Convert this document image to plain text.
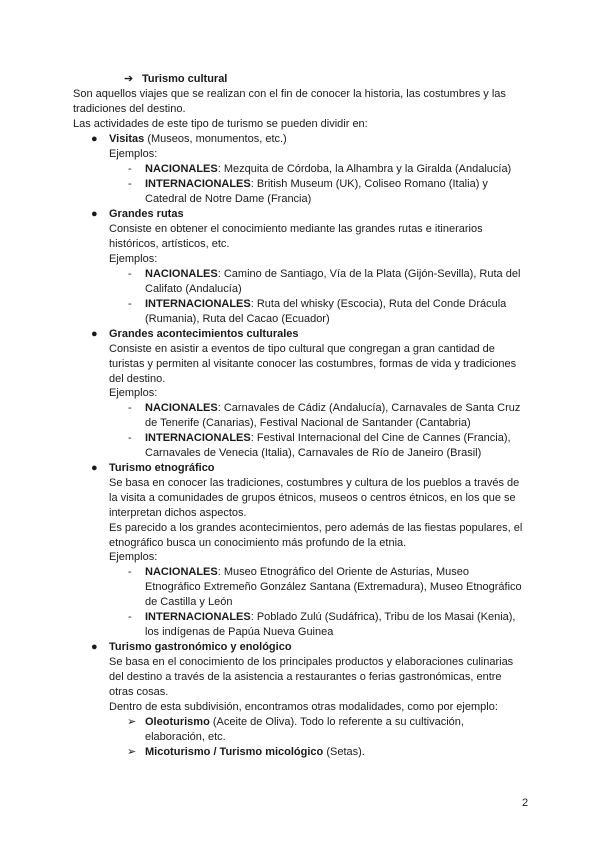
➔ Turismo cultural
Son aquellos viajes que se realizan con el fin de conocer la historia, las costumbres y las
tradiciones del destino.
Las actividades de este tipo de turismo se pueden dividir en:
● Visitas (Museos, monumentos, etc.)
Ejemplos:
- NACIONALES: Mezquita de Córdoba, la Alhambra y la Giralda (Andalucía)
- INTERNACIONALES: British Museum (UK), Coliseo Romano (Italia) y
Catedral de Notre Dame (Francia)
● Grandes rutas
Consiste en obtener el conocimiento mediante las grandes rutas e itinerarios
históricos, artísticos, etc.
Ejemplos:
- NACIONALES: Camino de Santiago, Vía de la Plata (Gijón-Sevilla), Ruta del
Califato (Andalucía)
- INTERNACIONALES: Ruta del whisky (Escocia), Ruta del Conde Drácula
(Rumania), Ruta del Cacao (Ecuador)
● Grandes acontecimientos culturales
Consiste en asistir a eventos de tipo cultural que congregan a gran cantidad de
turistas y permiten al visitante conocer las costumbres, formas de vida y tradiciones
del destino.
Ejemplos:
- NACIONALES: Carnavales de Cádiz (Andalucía), Carnavales de Santa Cruz
de Tenerife (Canarias), Festival Nacional de Santander (Cantabria)
- INTERNACIONALES: Festival Internacional del Cine de Cannes (Francia),
Carnavales de Venecia (Italia), Carnavales de Río de Janeiro (Brasil)
● Turismo etnográfico
Se basa en conocer las tradiciones, costumbres y cultura de los pueblos a través de
la visita a comunidades de grupos étnicos, museos o centros étnicos, en los que se
interpretan dichos aspectos.
Es parecido a los grandes acontecimientos, pero además de las fiestas populares, el
etnográfico busca un conocimiento más profundo de la etnia.
Ejemplos:
- NACIONALES: Museo Etnográfico del Oriente de Asturias, Museo
Etnográfico Extremeño González Santana (Extremadura), Museo Etnográfico
de Castilla y León
- INTERNACIONALES: Poblado Zulú (Sudáfrica), Tribu de los Masai (Kenia),
los indígenas de Papúa Nueva Guinea
● Turismo gastronómico y enológico
Se basa en el conocimiento de los principales productos y elaboraciones culinarias
del destino a través de la asistencia a restaurantes o ferias gastronómicas, entre
otras cosas.
Dentro de esta subdivisión, encontramos otras modalidades, como por ejemplo:
➢ Oleoturismo (Aceite de Oliva). Todo lo referente a su cultivación,
elaboración, etc.
➢ Micoturismo / Turismo micológico (Setas).
2
